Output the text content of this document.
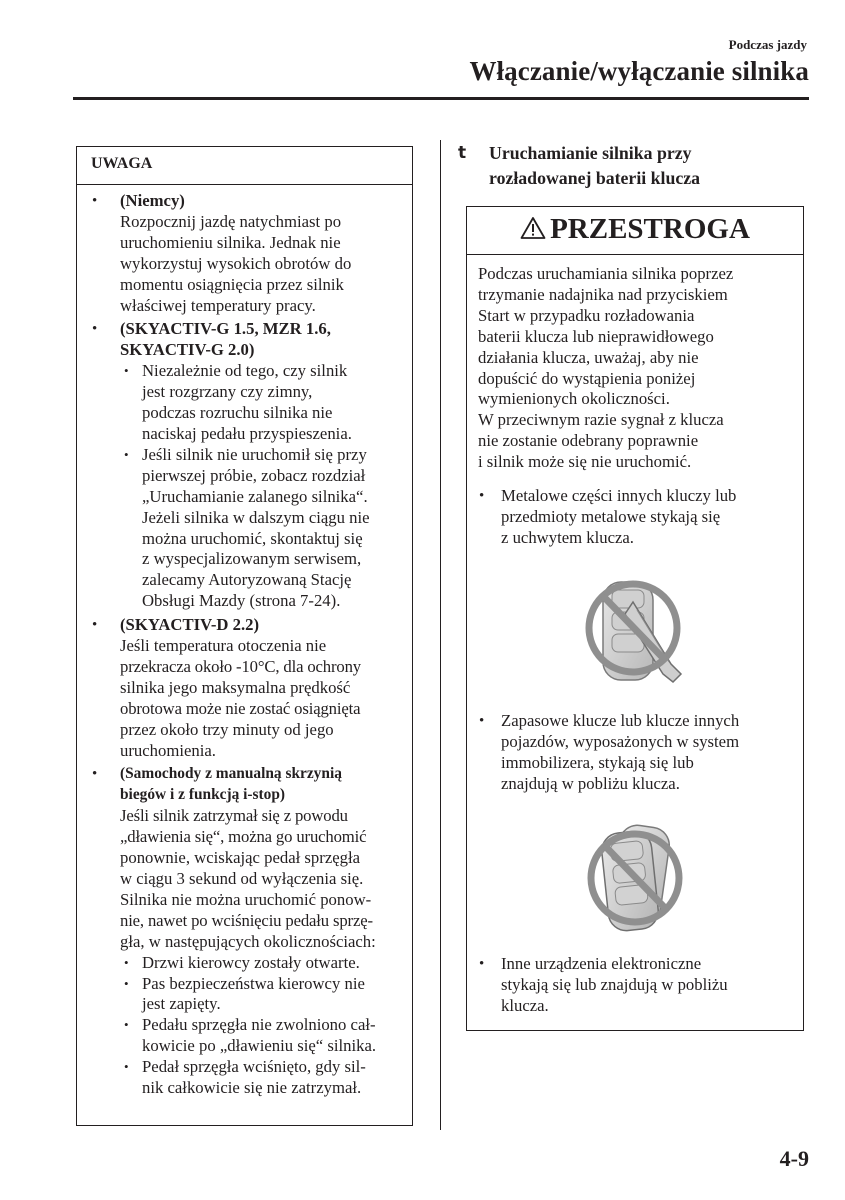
Podczas jazdy
Włączanie/wyłączanie silnika
UWAGA
• (Niemcy)
Rozpocznij jazdę natychmiast po
uruchomieniu silnika. Jednak nie
wykorzystuj wysokich obrotów do
momentu osiągnięcia przez silnik
właściwej temperatury pracy.
• (SKYACTIV-G 1.5, MZR 1.6,
SKYACTIV-G 2.0)
• Niezależnie od tego, czy silnik
jest rozgrzany czy zimny,
podczas rozruchu silnika nie
naciskaj pedału przyspieszenia.
• Jeśli silnik nie uruchomił się przy
pierwszej próbie, zobacz rozdział
„Uruchamianie zalanego silnika“.
Jeżeli silnika w dalszym ciągu nie
można uruchomić, skontaktuj się
z wyspecjalizowanym serwisem,
zalecamy Autoryzowaną Stację
Obsługi Mazdy (strona 7-24).
• (SKYACTIV-D 2.2)
Jeśli temperatura otoczenia nie
przekracza około -10°C, dla ochrony
silnika jego maksymalna prędkość
obrotowa może nie zostać osiągnięta
przez około trzy minuty od jego
uruchomienia.
• (Samochody z manualną skrzynią
biegów i z funkcją i-stop)
Jeśli silnik zatrzymał się z powodu
„dławienia się“, można go uruchomić
ponownie, wciskając pedał sprzęgła
w ciągu 3 sekund od wyłączenia się.
Silnika nie można uruchomić ponow-
nie, nawet po wciśnięciu pedału sprzę-
gła, w następujących okolicznościach:
• Drzwi kierowcy zostały otwarte.
• Pas bezpieczeństwa kierowcy nie
jest zapięty.
• Pedału sprzęgła nie zwolniono cał-
kowicie po „dławieniu się“ silnika.
• Pedał sprzęgła wciśnięto, gdy sil-
nik całkowicie się nie zatrzymał.
t	Uruchamianie silnika przy
rozładowanej baterii klucza
PRZESTROGA
Podczas uruchamiania silnika poprzez
trzymanie nadajnika nad przyciskiem
Start w przypadku rozładowania
baterii klucza lub nieprawidłowego
działania klucza, uważaj, aby nie
dopuścić do wystąpienia poniżej
wymienionych okoliczności.
W przeciwnym razie sygnał z klucza
nie zostanie odebrany poprawnie
i silnik może się nie uruchomić.
• Metalowe części innych kluczy lub
przedmioty metalowe stykają się
z uchwytem klucza.
• Zapasowe klucze lub klucze innych
pojazdów, wyposażonych w system
immobilizera, stykają się lub
znajdują w pobliżu klucza.
• Inne urządzenia elektroniczne
stykają się lub znajdują w pobliżu
klucza.
4-9
